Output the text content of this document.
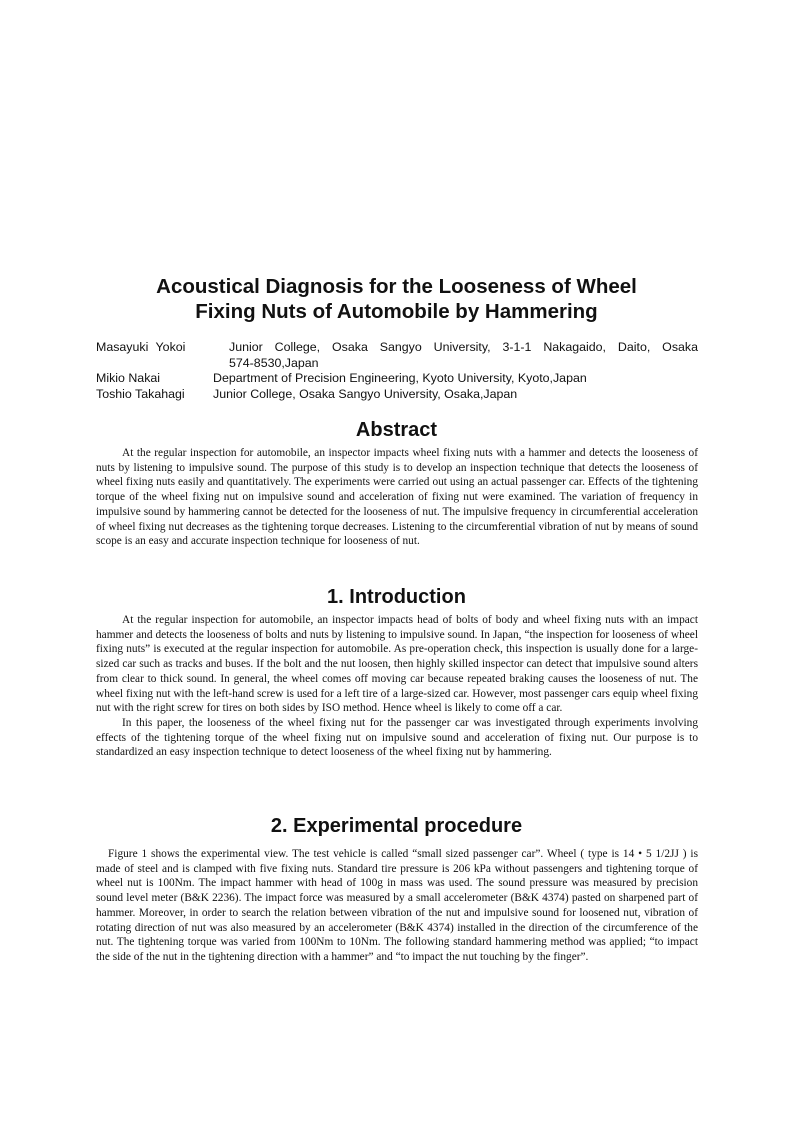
Acoustical Diagnosis for the Looseness of Wheel
Fixing Nuts of Automobile by Hammering
Masayuki Yokoi	Junior College, Osaka Sangyo University, 3-1-1 Nakagaido, Daito, Osaka
574-8530,Japan
Mikio Nakai	Department of Precision Engineering, Kyoto University, Kyoto,Japan
Toshio Takahagi	Junior College, Osaka Sangyo University, Osaka,Japan
Abstract

At the regular inspection for automobile, an inspector impacts wheel fixing nuts with a hammer and detects the looseness of nuts by listening to impulsive sound. The purpose of this study is to develop an inspection technique that detects the looseness of wheel fixing nuts easily and quantitatively. The experiments were carried out using an actual passenger car. Effects of the tightening torque of the wheel fixing nut on impulsive sound and acceleration of fixing nut were examined. The variation of frequency in impulsive sound by hammering cannot be detected for the looseness of nut. The impulsive frequency in circumferential acceleration of wheel fixing nut decreases as the tightening torque decreases. Listening to the circumferential vibration of nut by means of sound scope is an easy and accurate inspection technique for looseness of nut.

1. Introduction

At the regular inspection for automobile, an inspector impacts head of bolts of body and wheel fixing nuts with an impact hammer and detects the looseness of bolts and nuts by listening to impulsive sound. In Japan, “the inspection for looseness of wheel fixing nuts” is executed at the regular inspection for automobile. As pre-operation check, this inspection is usually done for a large-sized car such as tracks and buses. If the bolt and the nut loosen, then highly skilled inspector can detect that impulsive sound alters from clear to thick sound. In general, the wheel comes off moving car because repeated braking causes the looseness of nut. The wheel fixing nut with the left-hand screw is used for a left tire of a large-sized car. However, most passenger cars equip wheel fixing nut with the right screw for tires on both sides by ISO method. Hence wheel is likely to come off a car.

In this paper, the looseness of the wheel fixing nut for the passenger car was investigated through experiments involving effects of the tightening torque of the wheel fixing nut on impulsive sound and acceleration of fixing nut. Our purpose is to standardized an easy inspection technique to detect looseness of the wheel fixing nut by hammering.

2. Experimental procedure

Figure 1 shows the experimental view. The test vehicle is called “small sized passenger car”. Wheel ( type is 14 • 5 1/2JJ ) is made of steel and is clamped with five fixing nuts. Standard tire pressure is 206 kPa without passengers and tightening torque of wheel nut is 100Nm. The impact hammer with head of 100g in mass was used. The sound pressure was measured by precision sound level meter (B&K 2236). The impact force was measured by a small accelerometer (B&K 4374) pasted on sharpened part of hammer. Moreover, in order to search the relation between vibration of the nut and impulsive sound for loosened nut, vibration of rotating direction of nut was also measured by an accelerometer (B&K 4374) installed in the direction of the circumference of the nut. The tightening torque was varied from 100Nm to 10Nm. The following standard hammering method was applied; “to impact the side of the nut in the tightening direction with a hammer” and “to impact the nut touching by the finger”.
